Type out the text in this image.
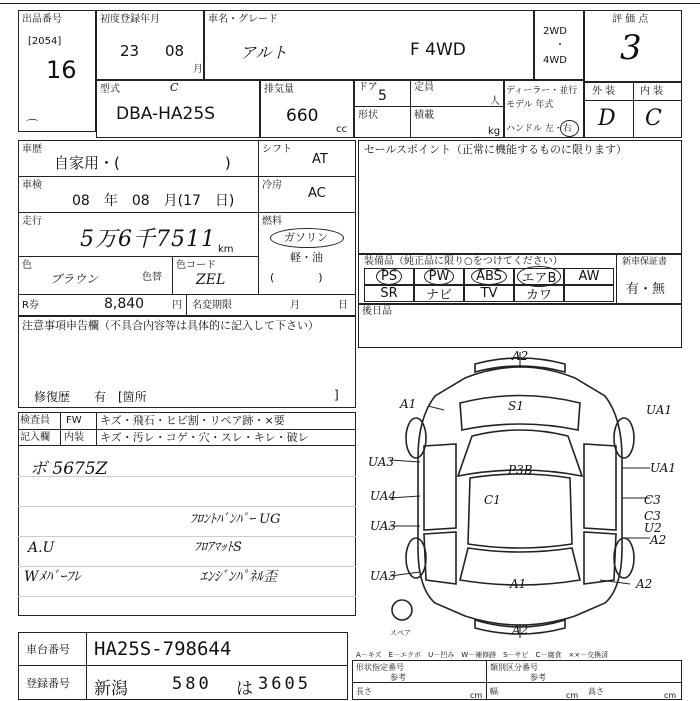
出品番号
[2054]
16
⌒
初度登録年月
23 08
月
車名・グレード
アルト	F 4WD
2WD
・
4WD
評 価 点
3
型式	C
DBA-HA25S
排気量
660
cc
ドア
5
定員
人
形状	積載
kg
ディーラー・並行
モデル 年式
ハンドル 左・右
外 装 内 装
D C
車歴
自家用・(　　　　　　　)
シフト
AT
車検
08　年　08　月(17　日)
冷房
AC
走行
5万6千7511 km
燃料
ガソリン
軽・油
(　　　　)
色
ブラウン	色替
色コード
ZEL
R券	8,840	円 名変期限	月	日
セールスポイント（正常に機能するものに限ります）
装備品（純正品に限り○をつけてください）	新車保証書
有・無
PS	PW	ABS	エアB	AW
SR ナビ TV カワ
後日品
注意事項申告欄（不具合内容等は具体的に記入して下さい）
修復歴　　有　[箇所	]
検査員
記入欄
FW キズ・飛石・ヒビ割・リペア跡・×要
内装 キズ・汚レ・コゲ・穴・スレ・キレ・破レ
ボ 5675Z
ﾌﾛﾝﾄﾊﾞﾝﾊﾟｰ UG
ﾌﾛｱﾏｯﾄS
A.U
Wﾒﾊﾞｰﾌﾚ	ｴﾝｼﾞﾝﾊﾟﾈﾙ歪
A2
A1	S1
UA3
P3B	UA1
UA4	C1	C3
C3
U2
UA3
A2
UA3
A1	A2
A2
UA1
スペア
車台番号 HA25S-798644
登録番号 新潟	580 は 3605
A－キズ　E－エクボ　U－凹み　W－補修跡　S－サビ　C－腐食　××－交換済
形状指定番号
参考
類別区分番号
参考
長さ	cm 幅	cm 高さ	cm
